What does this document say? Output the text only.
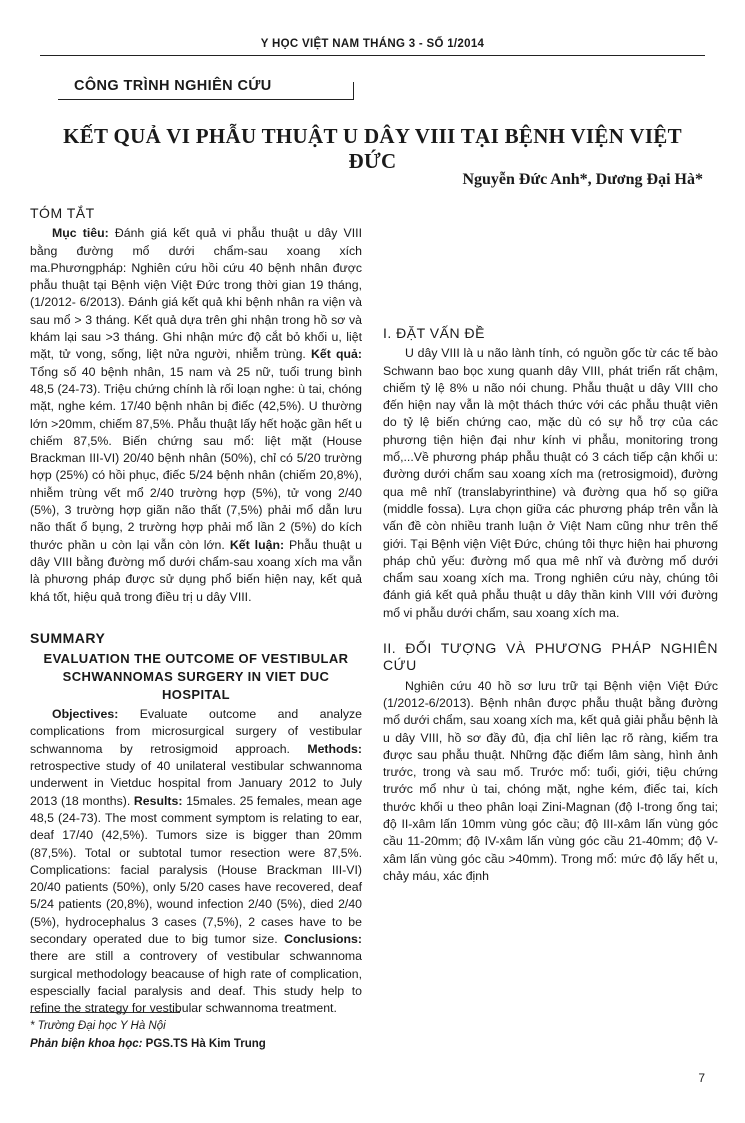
Y HỌC VIỆT NAM THÁNG 3 - SỐ 1/2014
CÔNG TRÌNH NGHIÊN CỨU
KẾT QUẢ VI PHẪU THUẬT U DÂY VIII TẠI BỆNH VIỆN VIỆT ĐỨC
Nguyễn Đức Anh*, Dương Đại Hà*
TÓM TẮT

Mục tiêu: Đánh giá kết quả vi phẫu thuật u dây VIII bằng đường mổ dưới chẩm-sau xoang xích ma.Phươngpháp: Nghiên cứu hồi cứu 40 bệnh nhân được phẫu thuật tại Bệnh viện Việt Đức trong thời gian 19 tháng, (1/2012- 6/2013). Đánh giá kết quả khi bệnh nhân ra viện và sau mổ > 3 tháng. Kết quả dựa trên ghi nhận trong hồ sơ và khám lại sau >3 tháng. Ghi nhận mức độ cắt bỏ khối u, liệt mặt, tử vong, sống, liệt nửa người, nhiễm trùng. Kết quả: Tổng số 40 bệnh nhân, 15 nam và 25 nữ, tuổi trung bình 48,5 (24-73). Triệu chứng chính là rối loạn nghe: ù tai, chóng mặt, nghe kém. 17/40 bệnh nhân bị điếc (42,5%). U thường lớn >20mm, chiếm 87,5%. Phẫu thuật lấy hết hoặc gần hết u chiếm 87,5%. Biến chứng sau mổ: liệt mặt (House Brackman III-VI) 20/40 bệnh nhân (50%), chỉ có 5/20 trường hợp (25%) có hồi phục, điếc 5/24 bệnh nhân (chiếm 20,8%), nhiễm trùng vết mổ 2/40 trường hợp (5%), tử vong 2/40 (5%), 3 trường hợp giãn não thất (7,5%) phải mổ dẫn lưu não thất ổ bụng, 2 trường hợp phải mổ lần 2 (5%) do kích thước phần u còn lại vẫn còn lớn. Kết luận: Phẫu thuật u dây VIII bằng đường mổ dưới chẩm-sau xoang xích ma vẫn là phương pháp được sử dụng phổ biến hiện nay, kết quả khá tốt, hiệu quả trong điều trị u dây VIII.

SUMMARY
EVALUATION THE OUTCOME OF VESTIBULAR SCHWANNOMAS SURGERY IN VIET DUC HOSPITAL

Objectives: Evaluate outcome and analyze complications from microsurgical surgery of vestibular schwannoma by retrosigmoid approach. Methods: retrospective study of 40 unilateral vestibular schwannoma underwent in Vietduc hospital from January 2012 to July 2013 (18 months). Results: 15males. 25 females, mean age 48,5 (24-73). The most comment symptom is relating to ear, deaf 17/40 (42,5%). Tumors size is bigger than 20mm (87,5%). Total or subtotal tumor resection were 87,5%. Complications: facial paralysis (House Brackman III-VI) 20/40 patients (50%), only 5/20 cases have recovered, deaf 5/24 patients (20,8%), wound infection 2/40 (5%), died 2/40 (5%), hydrocephalus 3 cases (7,5%), 2 cases have to be secondary operated due to big tumor size. Conclusions: there are still a controvery of vestibular schwannoma surgical methodology beacause of high rate of complication, espescially facial paralysis and deaf. This study help to refine the strategy for vestibular schwannoma treatment.

I. ĐẶT VẤN ĐỀ

U dây VIII là u não lành tính, có nguồn gốc từ các tế bào Schwann bao bọc xung quanh dây VIII, phát triển rất chậm, chiếm tỷ lệ 8% u não nói chung. Phẫu thuật u dây VIII cho đến hiện nay vẫn là một thách thức với các phẫu thuật viên do tỷ lệ biến chứng cao, mặc dù có sự hỗ trợ của các phương tiện hiện đại như kính vi phẫu, monitoring trong mổ,...Về phương pháp phẫu thuật có 3 cách tiếp cận khối u: đường dưới chẩm sau xoang xích ma (retrosigmoid), đường qua mê nhĩ (translabyrinthine) và đường qua hố sọ giữa (middle fossa). Lựa chọn giữa các phương pháp trên vẫn là vấn đề còn nhiều tranh luận ở Việt Nam cũng như trên thế giới. Tại Bệnh viện Việt Đức, chúng tôi thực hiện hai phương pháp chủ yếu: đường mổ qua mê nhĩ và đường mổ dưới chẩm sau xoang xích ma. Trong nghiên cứu này, chúng tôi đánh giá kết quả phẫu thuật u dây thần kinh VIII với đường mổ vi phẫu dưới chẩm, sau xoang xích ma.

II. ĐỐI TƯỢNG VÀ PHƯƠNG PHÁP NGHIÊN CỨU

Nghiên cứu 40 hồ sơ lưu trữ tại Bệnh viện Việt Đức (1/2012-6/2013). Bệnh nhân được phẫu thuật bằng đường mổ dưới chẩm, sau xoang xích ma, kết quả giải phẫu bệnh là u dây VIII, hồ sơ đầy đủ, địa chỉ liên lạc rõ ràng, kiểm tra được sau phẫu thuật. Những đặc điểm lâm sàng, hình ảnh trước, trong và sau mổ. Trước mổ: tuổi, giới, tiệu chứng trước mổ như ù tai, chóng mặt, nghe kém, điếc tai, kích thước khối u theo phân loại Zini-Magnan (độ I-trong ống tai; độ II-xâm lấn 10mm vùng góc cầu; độ III-xâm lấn vùng góc cầu 11-20mm; độ IV-xâm lấn vùng góc cầu 21-40mm; độ V-xâm lấn vùng góc cầu >40mm). Trong mổ: mức độ lấy hết u, chảy máu, xác định

* Trường Đại học Y Hà Nội
Phản biện khoa học: PGS.TS Hà Kim Trung
7
